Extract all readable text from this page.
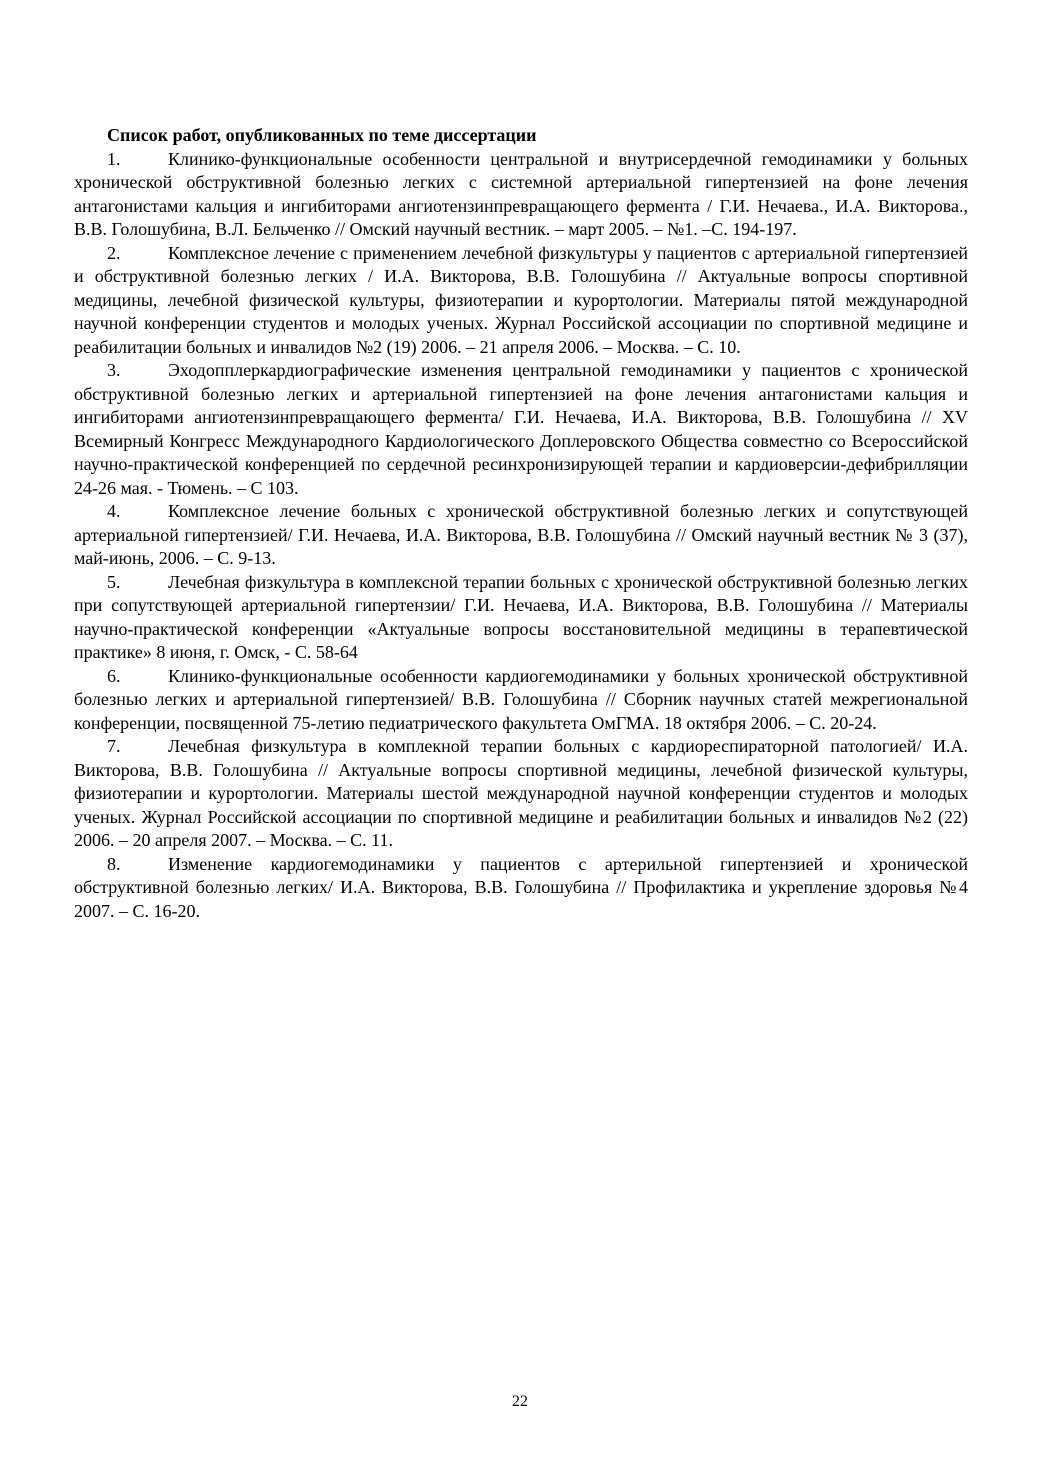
Список работ, опубликованных по теме диссертации

1.	Клинико-функциональные особенности центральной и внутрисердечной гемодинамики у больных хронической обструктивной болезнью легких с системной артериальной гипертензией на фоне лечения антагонистами кальция и ингибиторами ангиотензинпревращающего фермента / Г.И. Нечаева., И.А. Викторова., В.В. Голошубина, В.Л. Бельченко // Омский научный вестник. – март 2005. – №1. –С. 194-197.

2.	Комплексное лечение с применением лечебной физкультуры у пациентов с артериальной гипертензией и обструктивной болезнью легких / И.А. Викторова, В.В. Голошубина // Актуальные вопросы спортивной медицины, лечебной физической культуры, физиотерапии и курортологии. Материалы пятой международной научной конференции студентов и молодых ученых. Журнал Российской ассоциации по спортивной медицине и реабилитации больных и инвалидов №2 (19) 2006. – 21 апреля 2006. – Москва. – С. 10.

3.	Эходопплеркардиографические изменения центральной гемодинамики у пациентов с хронической обструктивной болезнью легких и артериальной гипертензией на фоне лечения антагонистами кальция и ингибиторами ангиотензинпревращающего фермента/ Г.И. Нечаева, И.А. Викторова, В.В. Голошубина // XV Всемирный Конгресс Международного Кардиологического Доплеровского Общества совместно со Всероссийской научно-практической конференцией по сердечной ресинхронизирующей терапии и кардиоверсии-дефибрилляции 24-26 мая. - Тюмень. – С 103.

4.	Комплексное лечение больных с хронической обструктивной болезнью легких и сопутствующей артериальной гипертензией/ Г.И. Нечаева, И.А. Викторова, В.В. Голошубина // Омский научный вестник № 3 (37), май-июнь, 2006. – С. 9-13.

5.	Лечебная физкультура в комплексной терапии больных с хронической обструктивной болезнью легких при сопутствующей артериальной гипертензии/ Г.И. Нечаева, И.А. Викторова, В.В. Голошубина // Материалы научно-практической конференции «Актуальные вопросы восстановительной медицины в терапевтической практике» 8 июня, г. Омск, - С. 58-64

6.	Клинико-функциональные особенности кардиогемодинамики у больных хронической обструктивной болезнью легких и артериальной гипертензией/ В.В. Голошубина // Сборник научных статей межрегиональной конференции, посвященной 75-летию педиатрического факультета ОмГМА. 18 октября 2006. – С. 20-24.

7.	Лечебная физкультура в комплекной терапии больных с кардиореспираторной патологией/ И.А. Викторова, В.В. Голошубина // Актуальные вопросы спортивной медицины, лечебной физической культуры, физиотерапии и курортологии. Материалы шестой международной научной конференции студентов и молодых ученых. Журнал Российской ассоциации по спортивной медицине и реабилитации больных и инвалидов №2 (22) 2006. – 20 апреля 2007. – Москва. – С. 11.

8.	Изменение кардиогемодинамики у пациентов с артерильной гипертензией и хронической обструктивной болезнью легких/ И.А. Викторова, В.В. Голошубина // Профилактика и укрепление здоровья №4 2007. – С. 16-20.

22
